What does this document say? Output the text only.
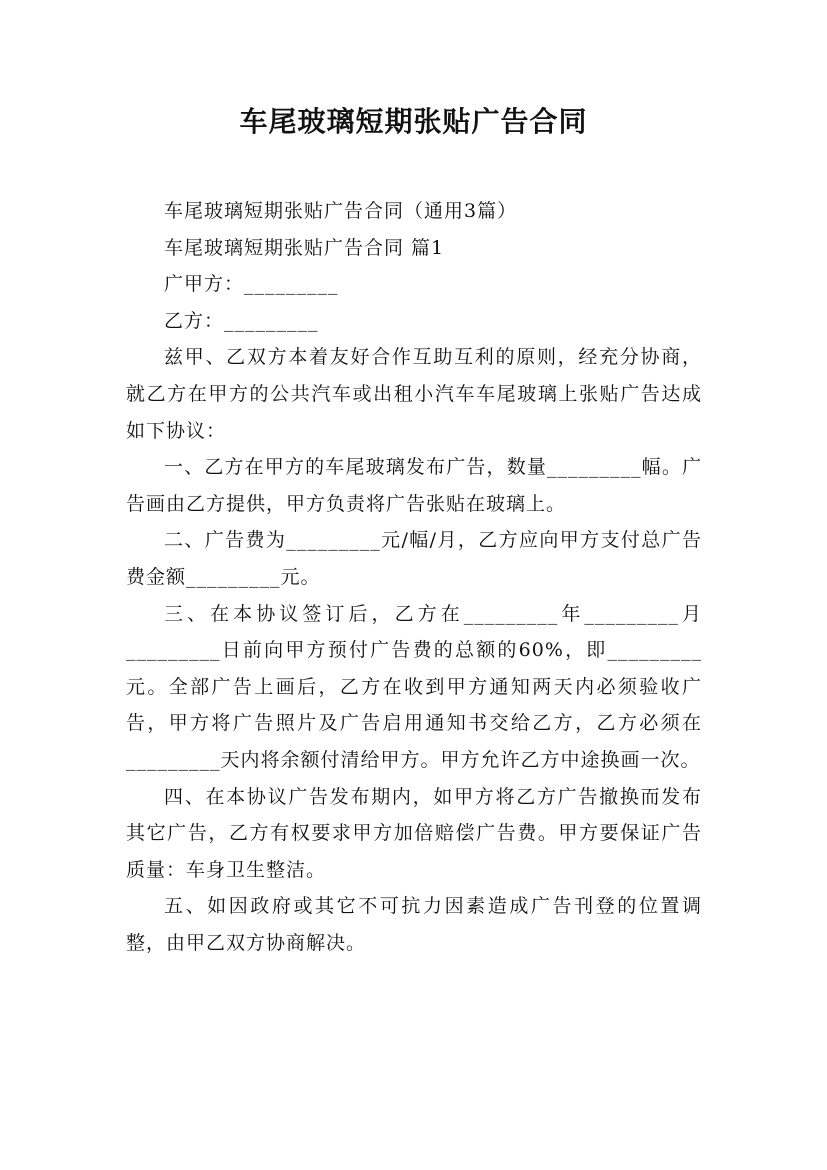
车尾玻璃短期张贴广告合同

车尾玻璃短期张贴广告合同（通用3篇）

车尾玻璃短期张贴广告合同 篇1

广甲方：_________

乙方：_________

兹甲、乙双方本着友好合作互助互利的原则，经充分协商，就乙方在甲方的公共汽车或出租小汽车车尾玻璃上张贴广告达成如下协议：

一、乙方在甲方的车尾玻璃发布广告，数量_________幅。广告画由乙方提供，甲方负责将广告张贴在玻璃上。

二、广告费为_________元/幅/月，乙方应向甲方支付总广告费金额_________元。

三、在本协议签订后，乙方在_________年_________月_________日前向甲方预付广告费的总额的60%，即_________元。全部广告上画后，乙方在收到甲方通知两天内必须验收广告，甲方将广告照片及广告启用通知书交给乙方，乙方必须在_________天内将余额付清给甲方。甲方允许乙方中途换画一次。

四、在本协议广告发布期内，如甲方将乙方广告撤换而发布其它广告，乙方有权要求甲方加倍赔偿广告费。甲方要保证广告质量：车身卫生整洁。

五、如因政府或其它不可抗力因素造成广告刊登的位置调整，由甲乙双方协商解决。
